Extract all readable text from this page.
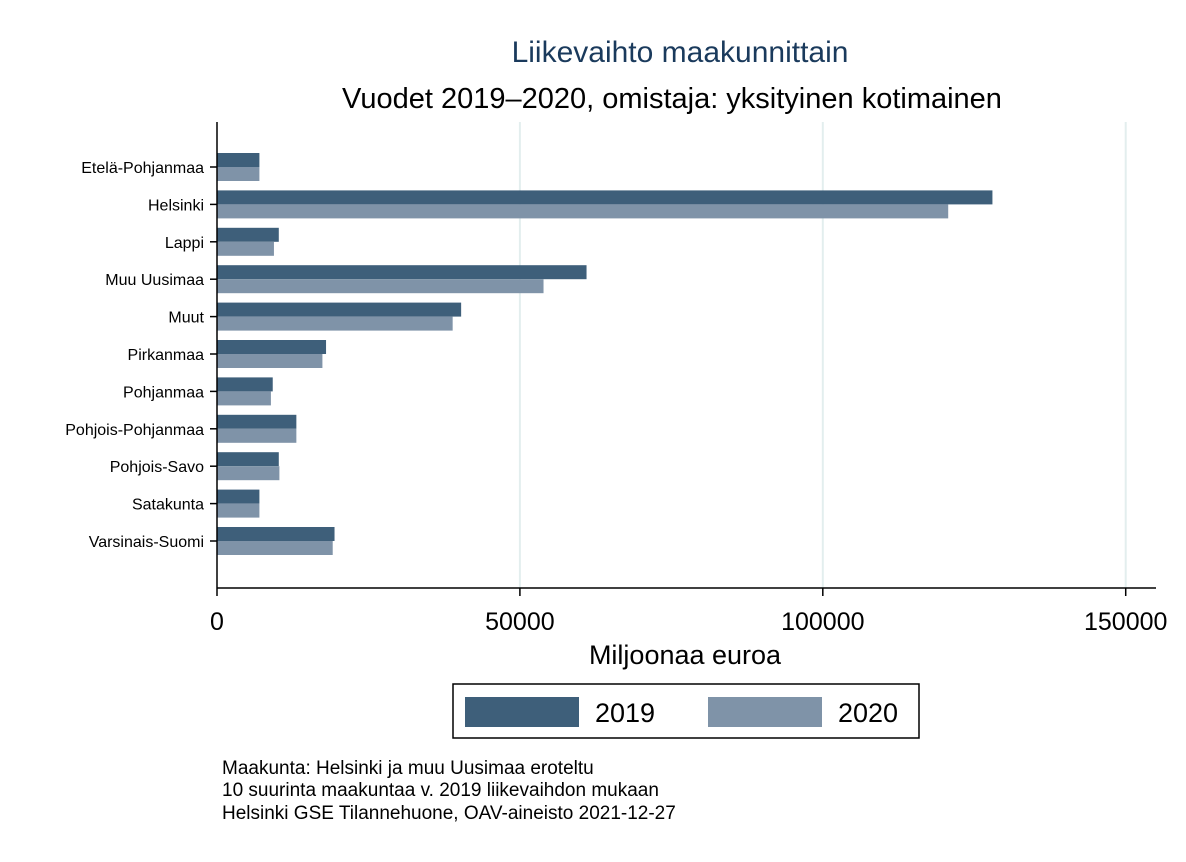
Liikevaihto maakunnittain
Vuodet 2019–2020, omistaja: yksityinen kotimainen
Etelä-Pohjanmaa
Helsinki
Lappi
Muu Uusimaa
Muut
Pirkanmaa
Pohjanmaa
Pohjois-Pohjanmaa
Pohjois-Savo
Satakunta
Varsinais-Suomi
0	50000	100000	150000
Miljoonaa euroa
2019	2020
Maakunta: Helsinki ja muu Uusimaa eroteltu
10 suurinta maakuntaa v. 2019 liikevaihdon mukaan
Helsinki GSE Tilannehuone, OAV-aineisto 2021-12-27
